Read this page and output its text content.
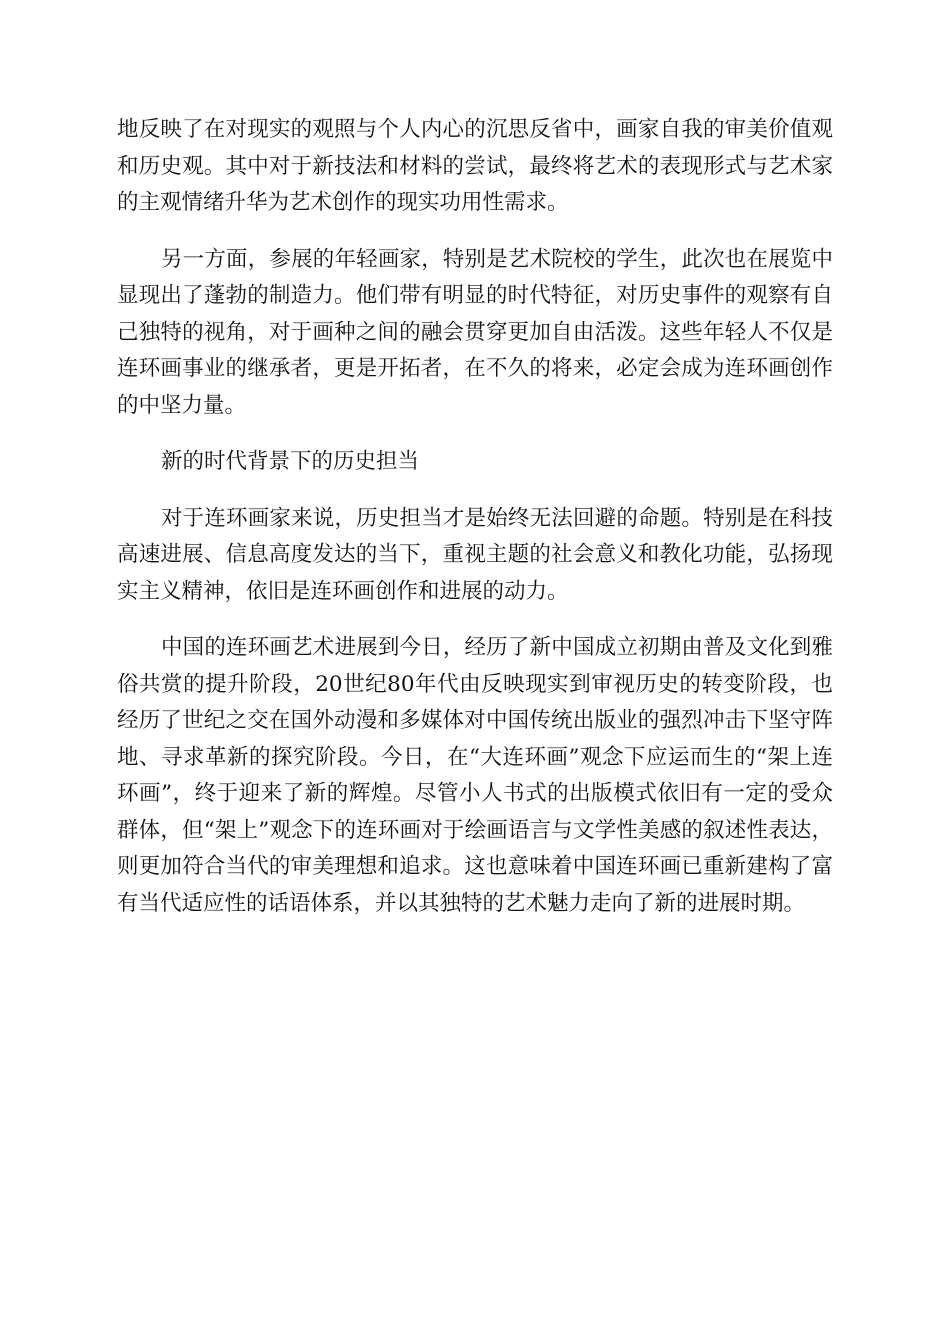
地反映了在对现实的观照与个人内心的沉思反省中，画家自我的审美价值观和历史观。其中对于新技法和材料的尝试，最终将艺术的表现形式与艺术家的主观情绪升华为艺术创作的现实功用性需求。

另一方面，参展的年轻画家，特别是艺术院校的学生，此次也在展览中显现出了蓬勃的制造力。他们带有明显的时代特征，对历史事件的观察有自己独特的视角，对于画种之间的融会贯穿更加自由活泼。这些年轻人不仅是连环画事业的继承者，更是开拓者，在不久的将来，必定会成为连环画创作的中坚力量。

新的时代背景下的历史担当

对于连环画家来说，历史担当才是始终无法回避的命题。特别是在科技高速进展、信息高度发达的当下，重视主题的社会意义和教化功能，弘扬现实主义精神，依旧是连环画创作和进展的动力。

中国的连环画艺术进展到今日，经历了新中国成立初期由普及文化到雅俗共赏的提升阶段，20世纪80年代由反映现实到审视历史的转变阶段，也经历了世纪之交在国外动漫和多媒体对中国传统出版业的强烈冲击下坚守阵地、寻求革新的探究阶段。今日，在“大连环画”观念下应运而生的“架上连环画”，终于迎来了新的辉煌。尽管小人书式的出版模式依旧有一定的受众群体，但“架上”观念下的连环画对于绘画语言与文学性美感的叙述性表达，则更加符合当代的审美理想和追求。这也意味着中国连环画已重新建构了富有当代适应性的话语体系，并以其独特的艺术魅力走向了新的进展时期。
